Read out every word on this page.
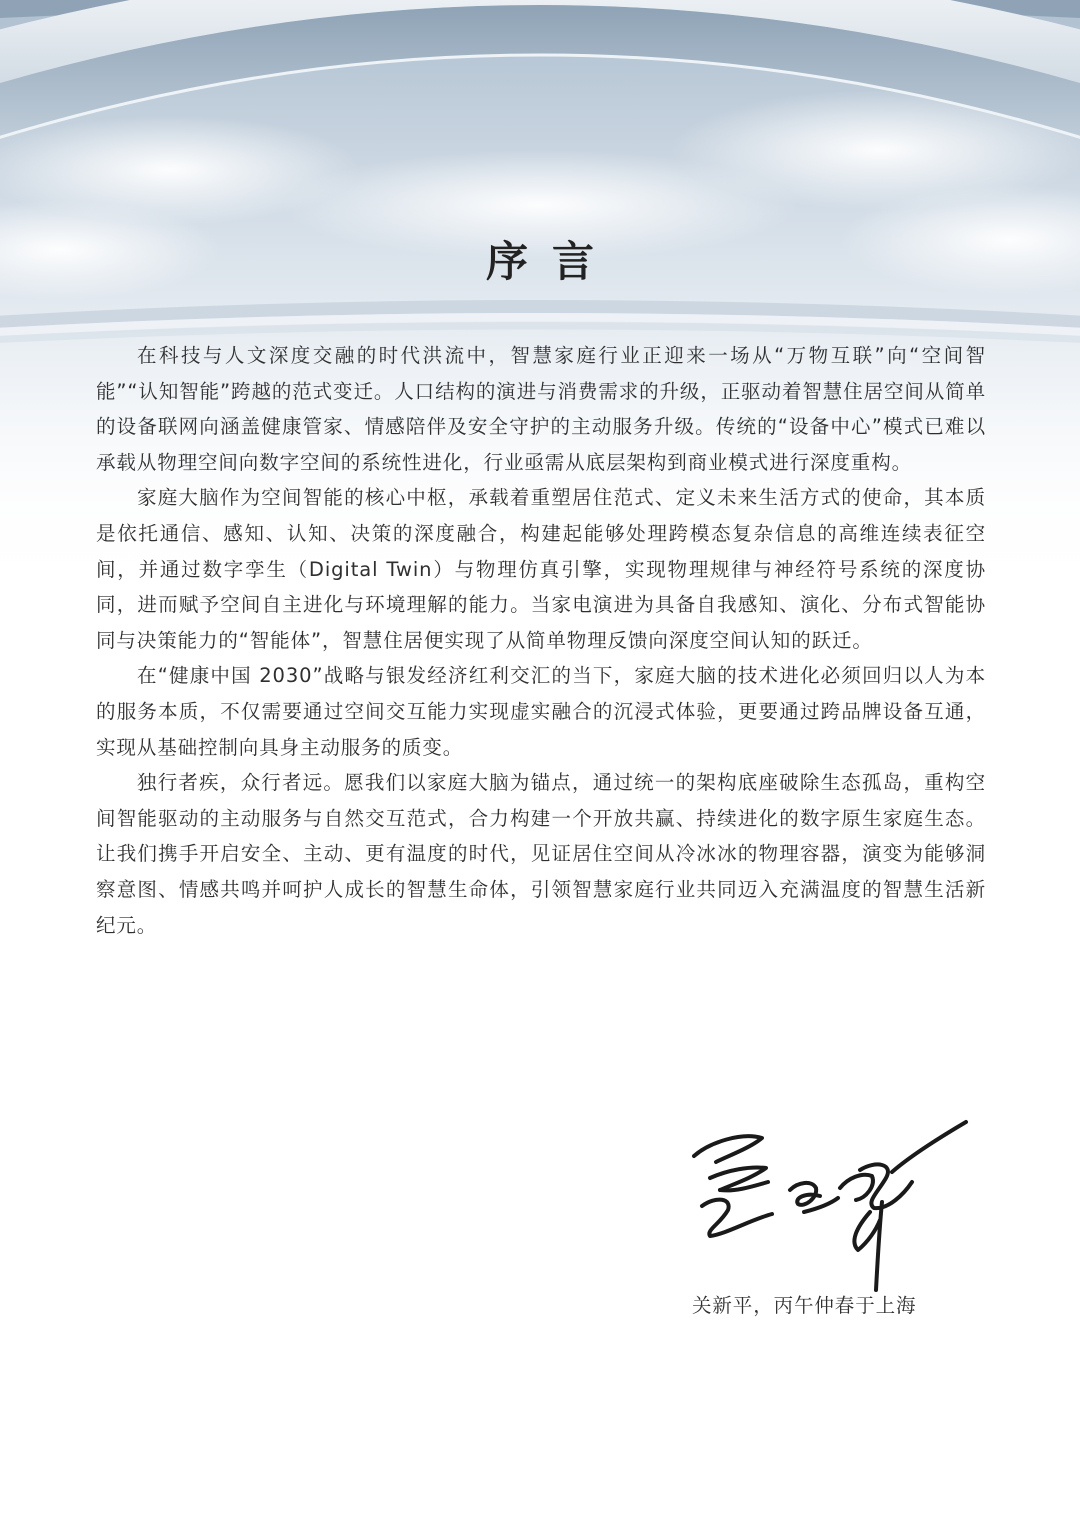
序言

在科技与人文深度交融的时代洪流中，智慧家庭行业正迎来一场从“万物互联”向“空间智能”“认知智能”跨越的范式变迁。人口结构的演进与消费需求的升级，正驱动着智慧住居空间从简单的设备联网向涵盖健康管家、情感陪伴及安全守护的主动服务升级。传统的“设备中心”模式已难以承载从物理空间向数字空间的系统性进化，行业亟需从底层架构到商业模式进行深度重构。

家庭大脑作为空间智能的核心中枢，承载着重塑居住范式、定义未来生活方式的使命，其本质是依托通信、感知、认知、决策的深度融合，构建起能够处理跨模态复杂信息的高维连续表征空间，并通过数字孪生（Digital Twin）与物理仿真引擎，实现物理规律与神经符号系统的深度协同，进而赋予空间自主进化与环境理解的能力。当家电演进为具备自我感知、演化、分布式智能协同与决策能力的“智能体”，智慧住居便实现了从简单物理反馈向深度空间认知的跃迁。

在“健康中国 2030”战略与银发经济红利交汇的当下，家庭大脑的技术进化必须回归以人为本的服务本质，不仅需要通过空间交互能力实现虚实融合的沉浸式体验，更要通过跨品牌设备互通，实现从基础控制向具身主动服务的质变。

独行者疾，众行者远。愿我们以家庭大脑为锚点，通过统一的架构底座破除生态孤岛，重构空间智能驱动的主动服务与自然交互范式，合力构建一个开放共赢、持续进化的数字原生家庭生态。让我们携手开启安全、主动、更有温度的时代，见证居住空间从冷冰冰的物理容器，演变为能够洞察意图、情感共鸣并呵护人成长的智慧生命体，引领智慧家庭行业共同迈入充满温度的智慧生活新纪元。

关新平，丙午仲春于上海
